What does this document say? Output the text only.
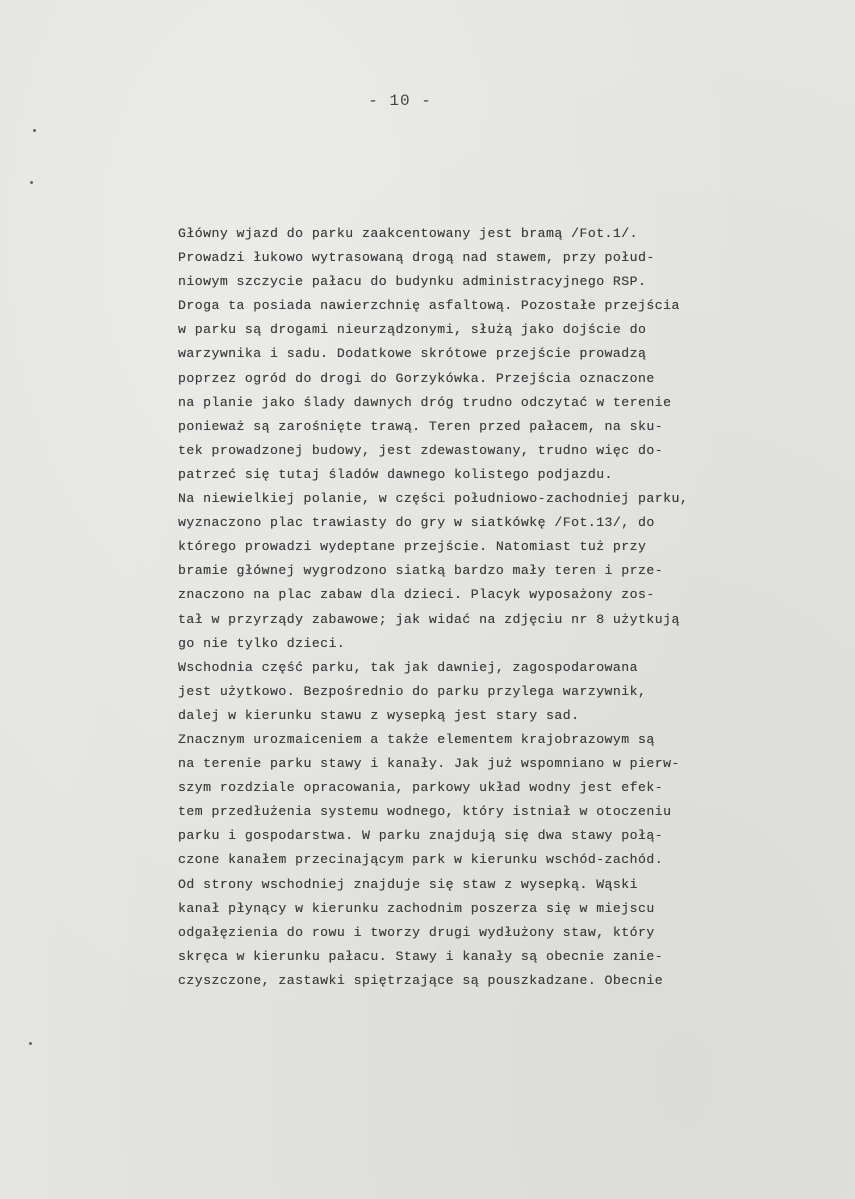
- 10 -
Główny wjazd do parku zaakcentowany jest bramą /Fot.1/.
Prowadzi łukowo wytrasowaną drogą nad stawem, przy połud-
niowym szczycie pałacu do budynku administracyjnego RSP.
Droga ta posiada nawierzchnię asfaltową. Pozostałe przejścia
w parku są drogami nieurządzonymi, służą jako dojście do
warzywnika i sadu. Dodatkowe skrótowe przejście prowadzą
poprzez ogród do drogi do Gorzykówka. Przejścia oznaczone
na planie jako ślady dawnych dróg trudno odczytać w terenie
ponieważ są zarośnięte trawą. Teren przed pałacem, na sku-
tek prowadzonej budowy, jest zdewastowany, trudno więc do-
patrzeć się tutaj śladów dawnego kolistego podjazdu.
Na niewielkiej polanie, w części południowo-zachodniej parku,
wyznaczono plac trawiasty do gry w siatkówkę /Fot.13/, do
którego prowadzi wydeptane przejście. Natomiast tuż przy
bramie głównej wygrodzono siatką bardzo mały teren i prze-
znaczono na plac zabaw dla dzieci. Placyk wyposażony zos-
tał w przyrządy zabawowe; jak widać na zdjęciu nr 8 użytkują
go nie tylko dzieci.
Wschodnia część parku, tak jak dawniej, zagospodarowana
jest użytkowo. Bezpośrednio do parku przylega warzywnik,
dalej w kierunku stawu z wysepką jest stary sad.
Znacznym urozmaiceniem a także elementem krajobrazowym są
na terenie parku stawy i kanały. Jak już wspomniano w pierw-
szym rozdziale opracowania, parkowy układ wodny jest efek-
tem przedłużenia systemu wodnego, który istniał w otoczeniu
parku i gospodarstwa. W parku znajdują się dwa stawy połą-
czone kanałem przecinającym park w kierunku wschód-zachód.
Od strony wschodniej znajduje się staw z wysepką. Wąski
kanał płynący w kierunku zachodnim poszerza się w miejscu
odgałęzienia do rowu i tworzy drugi wydłużony staw, który
skręca w kierunku pałacu. Stawy i kanały są obecnie zanie-
czyszczone, zastawki spiętrzające są pouszkadzane. Obecnie
